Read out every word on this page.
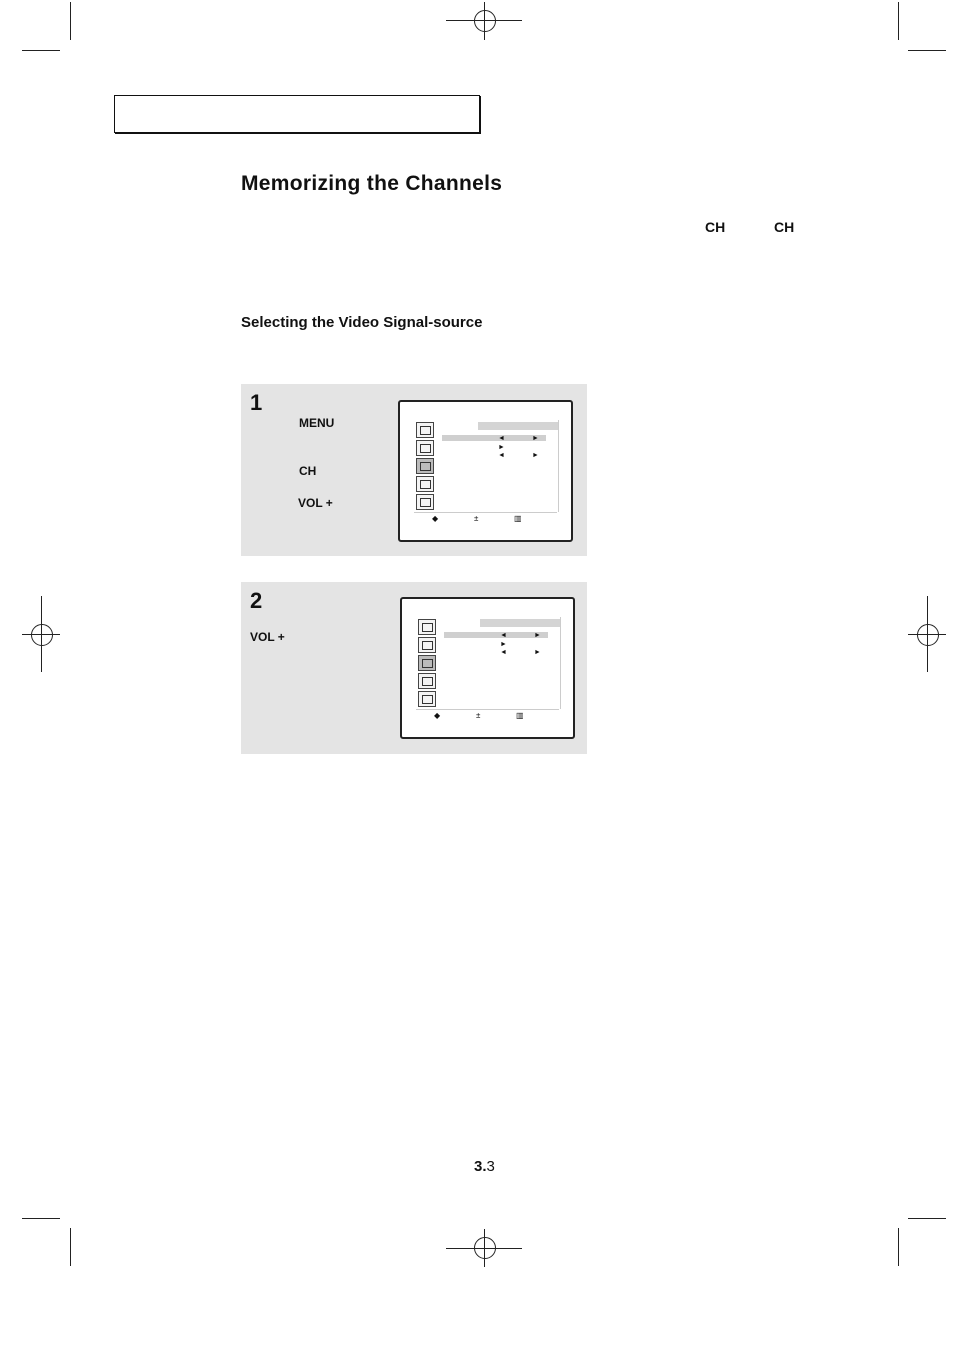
Memorizing the Channels
CH	CH
Selecting the Video Signal-source
1
MENU
CH
VOL +
◄	►
►
◄	►
◆	±	▥
2
VOL +	◄	►
►
◄	►
◆	±	▥
3.3
